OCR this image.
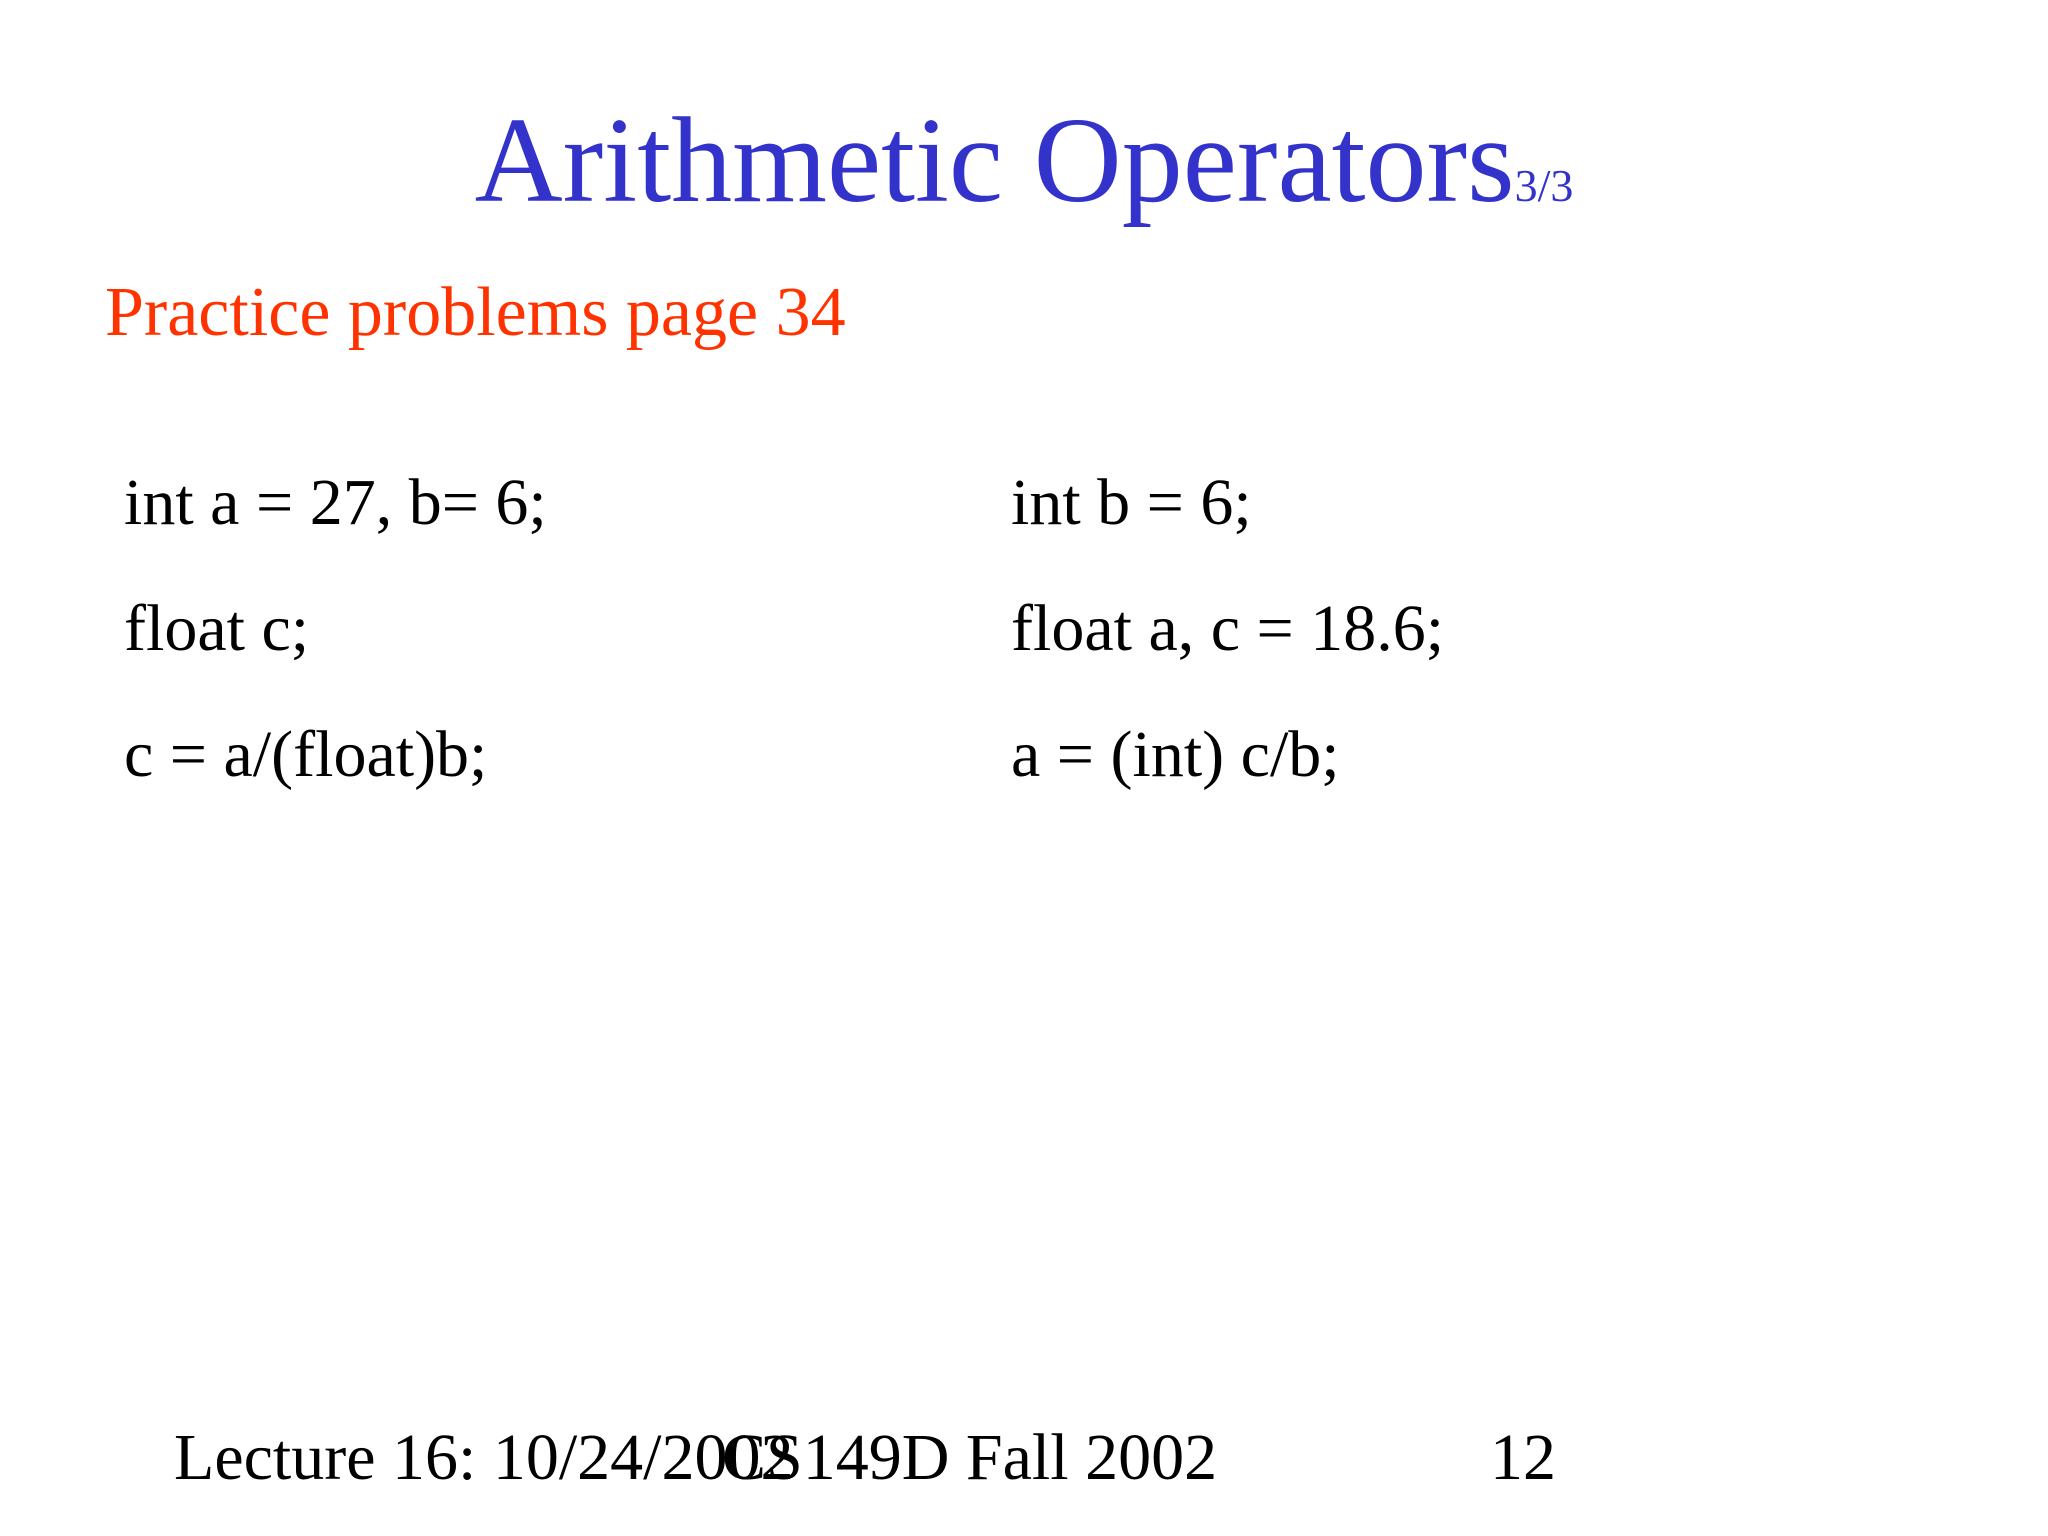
Arithmetic Operators3/3
Practice problems page 34
int a = 27, b= 6;
float c;
c = a/(float)b;
int b = 6;
float a, c = 18.6;
a = (int) c/b;
Lecture 16: 10/24/2002
CS149D Fall 2002	12
